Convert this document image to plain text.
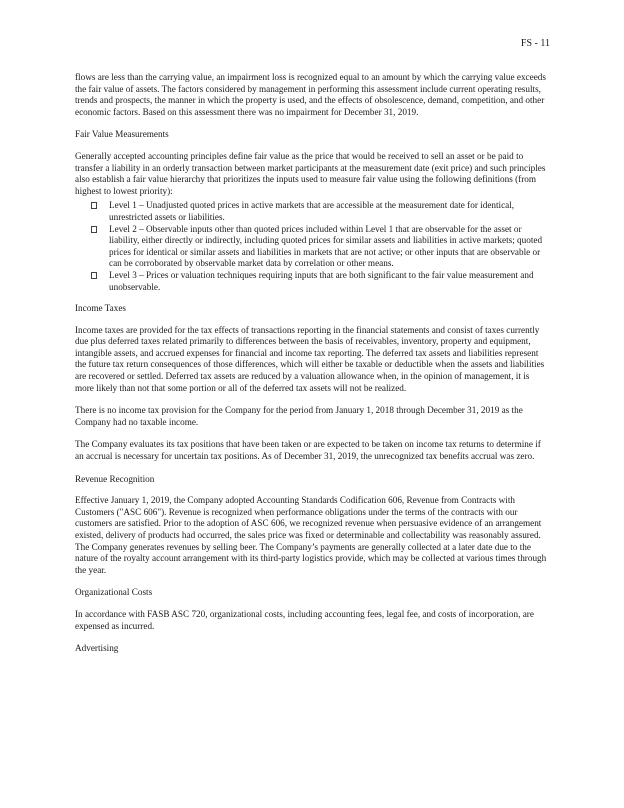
FS - 11

flows are less than the carrying value, an impairment loss is recognized equal to an amount by which the carrying value exceeds the fair value of assets. The factors considered by management in performing this assessment include current operating results, trends and prospects, the manner in which the property is used, and the effects of obsolescence, demand, competition, and other economic factors. Based on this assessment there was no impairment for December 31, 2019.

Fair Value Measurements

Generally accepted accounting principles define fair value as the price that would be received to sell an asset or be paid to transfer a liability in an orderly transaction between market participants at the measurement date (exit price) and such principles also establish a fair value hierarchy that prioritizes the inputs used to measure fair value using the following definitions (from highest to lowest priority):

Level 1 – Unadjusted quoted prices in active markets that are accessible at the measurement date for identical, unrestricted assets or liabilities.
Level 2 – Observable inputs other than quoted prices included within Level 1 that are observable for the asset or liability, either directly or indirectly, including quoted prices for similar assets and liabilities in active markets; quoted prices for identical or similar assets and liabilities in markets that are not active; or other inputs that are observable or can be corroborated by observable market data by correlation or other means.
Level 3 – Prices or valuation techniques requiring inputs that are both significant to the fair value measurement and unobservable.
Income Taxes

Income taxes are provided for the tax effects of transactions reporting in the financial statements and consist of taxes currently due plus deferred taxes related primarily to differences between the basis of receivables, inventory, property and equipment, intangible assets, and accrued expenses for financial and income tax reporting. The deferred tax assets and liabilities represent the future tax return consequences of those differences, which will either be taxable or deductible when the assets and liabilities are recovered or settled. Deferred tax assets are reduced by a valuation allowance when, in the opinion of management, it is more likely than not that some portion or all of the deferred tax assets will not be realized.

There is no income tax provision for the Company for the period from January 1, 2018 through December 31, 2019 as the Company had no taxable income.

The Company evaluates its tax positions that have been taken or are expected to be taken on income tax returns to determine if an accrual is necessary for uncertain tax positions. As of December 31, 2019, the unrecognized tax benefits accrual was zero.

Revenue Recognition

Effective January 1, 2019, the Company adopted Accounting Standards Codification 606, Revenue from Contracts with Customers ("ASC 606"). Revenue is recognized when performance obligations under the terms of the contracts with our customers are satisfied. Prior to the adoption of ASC 606, we recognized revenue when persuasive evidence of an arrangement existed, delivery of products had occurred, the sales price was fixed or determinable and collectability was reasonably assured. The Company generates revenues by selling beer. The Company’s payments are generally collected at a later date due to the nature of the royalty account arrangement with its third-party logistics provide, which may be collected at various times through the year.

Organizational Costs

In accordance with FASB ASC 720, organizational costs, including accounting fees, legal fee, and costs of incorporation, are expensed as incurred.

Advertising
